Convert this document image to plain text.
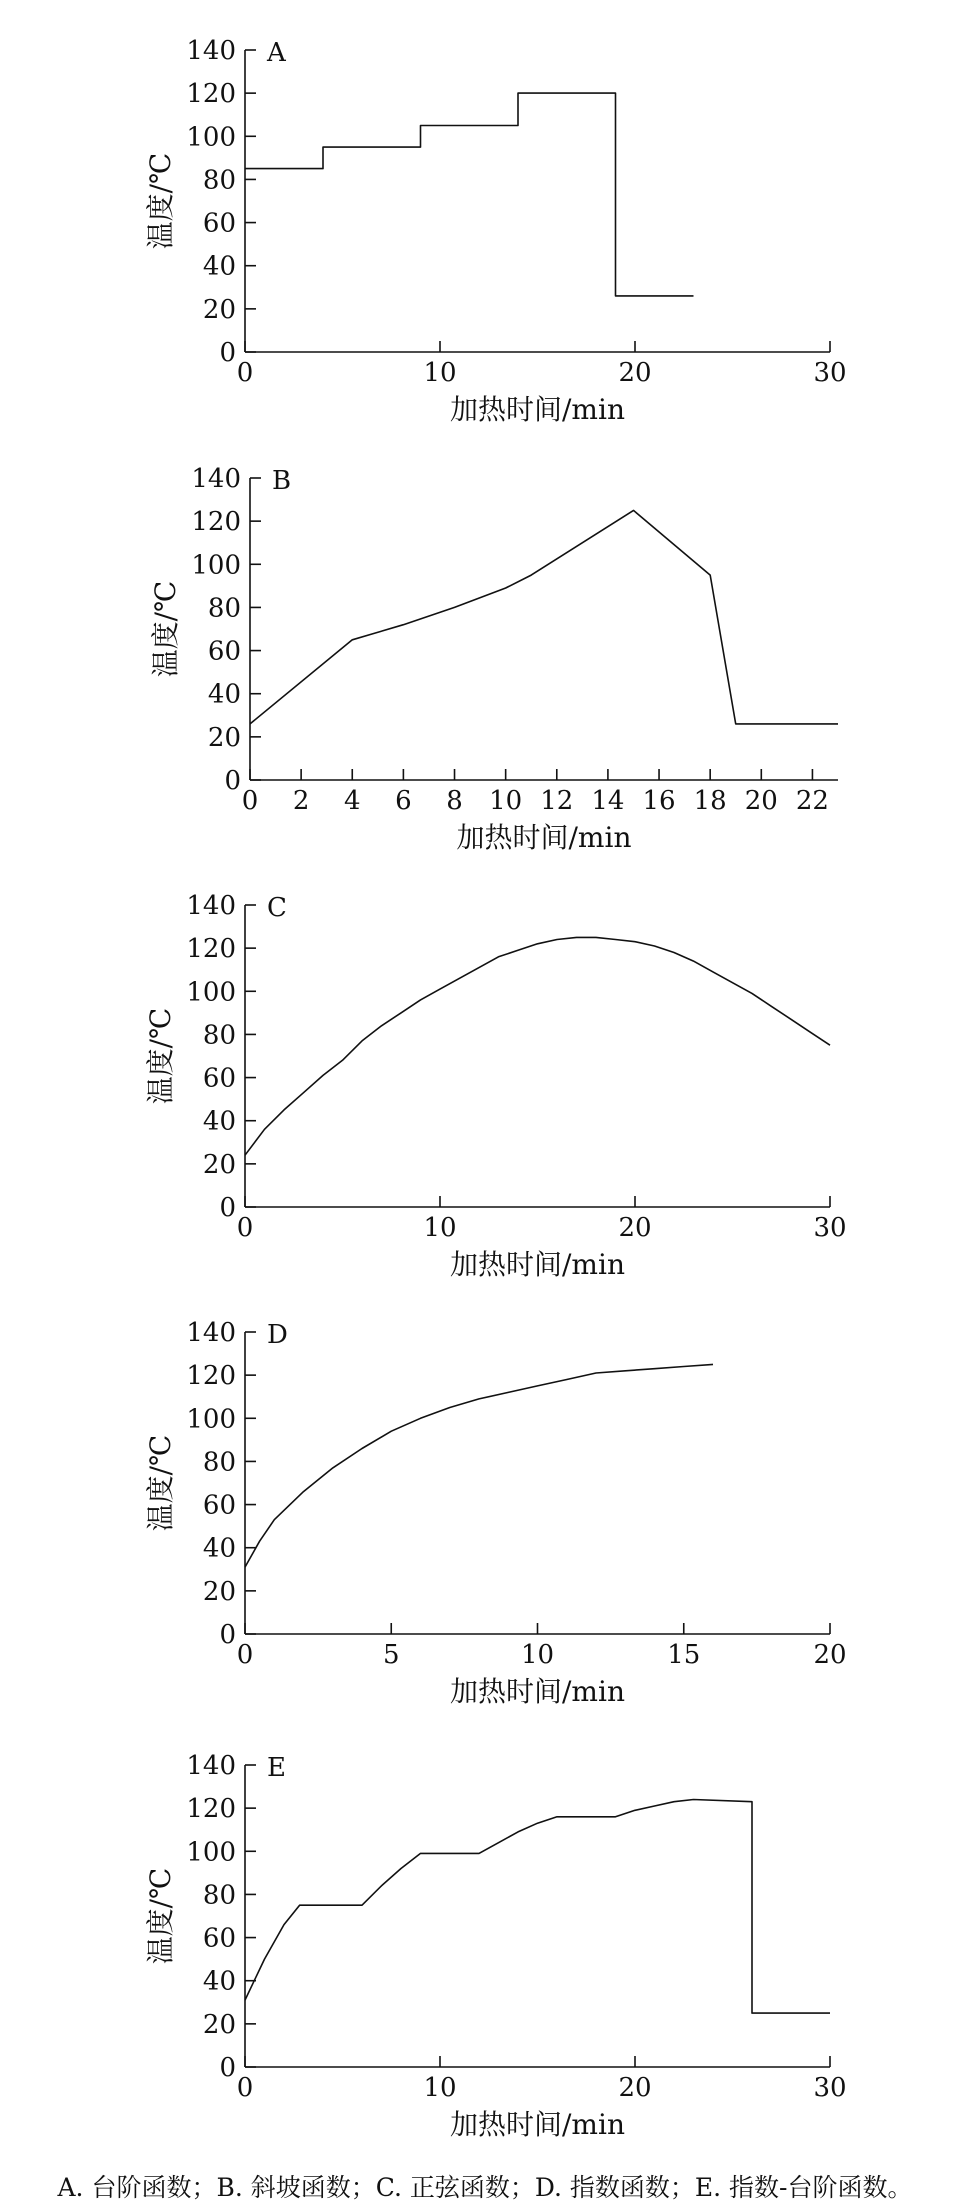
0
20
40
60
80
100
120
140
0	10	20	30
A
加热时间/min
温度/℃
0
20
40
60
80
100
120
140
0 2 4 6 8 10 12 14 16 18 20 22
B
加热时间/min
温度/℃
0
20
40
60
80
100
120
140
0	10	20	30
C
加热时间/min
温度/℃
0
20
40
60
80
100
120
140
0	5	10	15	20
D
加热时间/min
温度/℃
0
20
40
60
80
100
120
140
0	10	20	30
E
加热时间/min
温度/℃
A. 台阶函数；B. 斜坡函数；C. 正弦函数；D. 指数函数；E. 指数-台阶函数。
